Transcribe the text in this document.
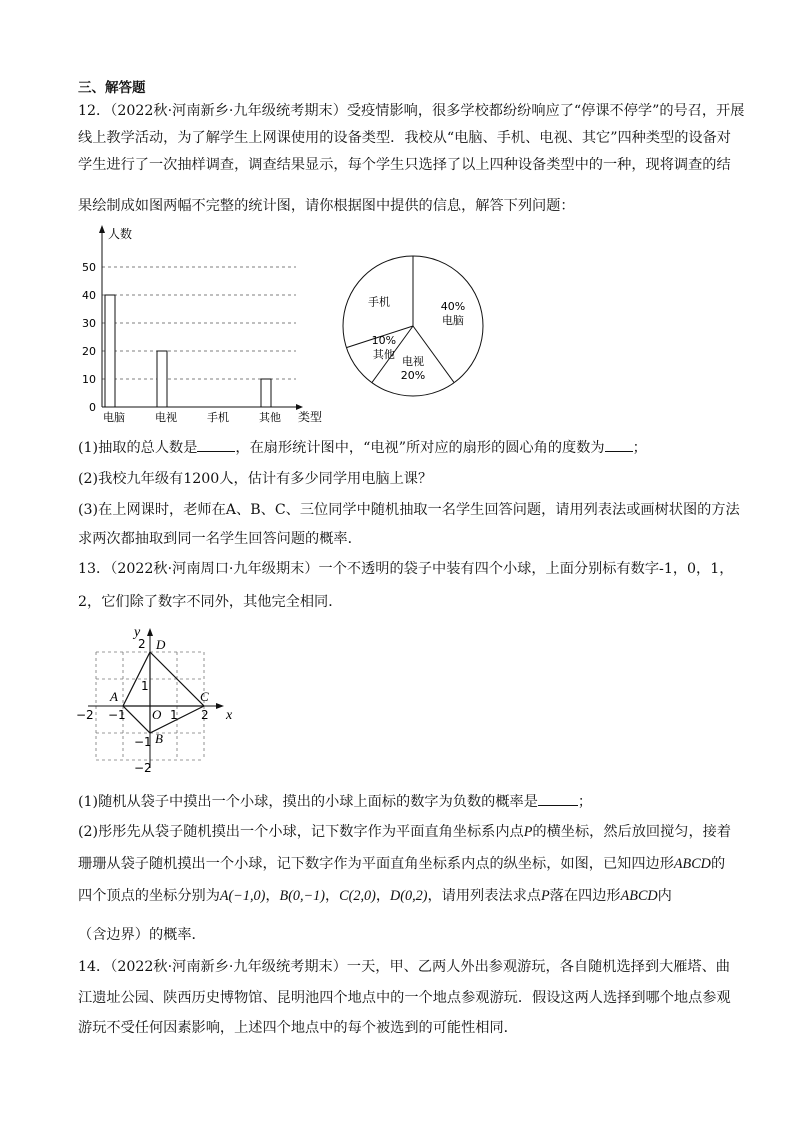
三、解答题
12．（2022秋·河南新乡·九年级统考期末）受疫情影响，很多学校都纷纷响应了“停课不停学”的号召，开展
线上教学活动，为了解学生上网课使用的设备类型．我校从“电脑、手机、电视、其它”四种类型的设备对
学生进行了一次抽样调查，调查结果显示，每个学生只选择了以上四种设备类型中的一种，现将调查的结
果绘制成如图两幅不完整的统计图，请你根据图中提供的信息，解答下列问题：
0
10
20
30
40
50
人数
类型
电脑	电视	手机	其他
40%
电脑
电视
20%
10%
其他
手机
(1)抽取的总人数是	，在扇形统计图中，“电视”所对应的扇形的圆心角的度数为 ；
(2)我校九年级有1200人，估计有多少同学用电脑上课？
(3)在上网课时，老师在A、B、C、三位同学中随机抽取一名学生回答问题，请用列表法或画树状图的方法
求两次都抽取到同一名学生回答问题的概率．
13．（2022秋·河南周口·九年级期末）一个不透明的袋子中装有四个小球，上面分别标有数字-1，0，1，
2，它们除了数字不同外，其他完全相同．
x
y
O
A
B
C
D
−2 −1	1 2
2
1
−1
−2
(1)随机从袋子中摸出一个小球，摸出的小球上面标的数字为负数的概率是	；
(2)彤彤先从袋子随机摸出一个小球，记下数字作为平面直角坐标系内点P的横坐标，然后放回搅匀，接着
珊珊从袋子随机摸出一个小球，记下数字作为平面直角坐标系内点的纵坐标，如图，已知四边形ABCD的
四个顶点的坐标分别为A(−1,0)，B(0,−1)，C(2,0)，D(0,2)，请用列表法求点P落在四边形ABCD内
（含边界）的概率．
14．（2022秋·河南新乡·九年级统考期末）一天，甲、乙两人外出参观游玩，各自随机选择到大雁塔、曲
江遗址公园、陕西历史博物馆、昆明池四个地点中的一个地点参观游玩．假设这两人选择到哪个地点参观
游玩不受任何因素影响，上述四个地点中的每个被选到的可能性相同．
